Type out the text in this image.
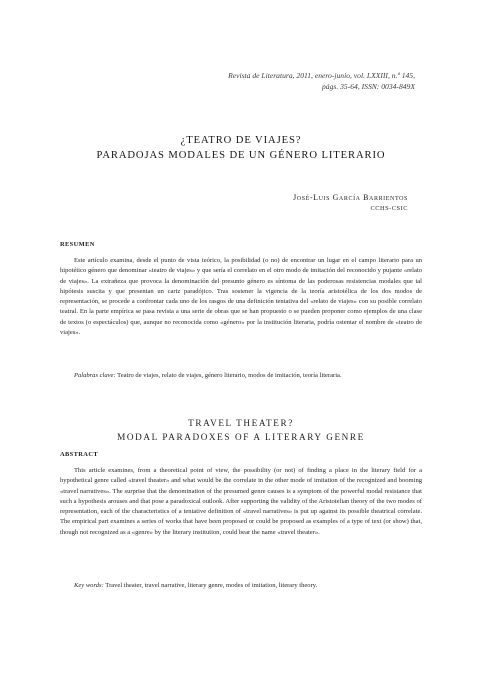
Revista de Literatura, 2011, enero-junio, vol. LXXIII, n.º 145,
págs. 35-64, ISSN: 0034-849X
¿TEATRO DE VIAJES?
PARADOJAS MODALES DE UN GÉNERO LITERARIO
José-Luis García Barrientos
CCHS-CSIC
RESUMEN
Este artículo examina, desde el punto de vista teórico, la posibilidad (o no) de encontrar un lugar en el campo literario para un hipotético género que denominar «teatro de viajes» y que sería el correlato en el otro modo de imitación del reconocido y pujante «relato de viajes». La extrañeza que provoca la denominación del presunto género es síntoma de las poderosas resistencias modales que tal hipótesis suscita y que presentan un cariz paradójico. Tras sostener la vigencia de la teoría aristotélica de los dos modos de representación, se procede a confrontar cada uno de los rasgos de una definición tentativa del «relato de viajes» con su posible correlato teatral. En la parte empírica se pasa revista a una serie de obras que se han propuesto o se pueden proponer como ejemplos de una clase de textos (o espectáculos) que, aunque no reconocida como «género» por la institución literaria, podría ostentar el nombre de «teatro de viajes».
Palabras clave: Teatro de viajes, relato de viajes, género literario, modos de imitación, teoría literaria.
TRAVEL THEATER?
MODAL PARADOXES OF A LITERARY GENRE
ABSTRACT
This article examines, from a theoretical point of view, the possibility (or not) of finding a place in the literary field for a hypothetical genre called «travel theater» and what would be the correlate in the other mode of imitation of the recognized and booming «travel narratives». The surprise that the denomination of the presumed genre causes is a symptom of the powerful modal resistance that such a hypothesis arouses and that pose a paradoxical outlook. After supporting the validity of the Aristotelian theory of the two modes of representation, each of the characteristics of a tentative definition of «travel narratives» is put up against its possible theatrical correlate. The empirical part examines a series of works that have been proposed or could be proposed as examples of a type of text (or show) that, though not recognized as a «genre» by the literary institution, could bear the name «travel theater».
Key words: Travel theater, travel narrative, literary genre, modes of imitation, literary theory.
